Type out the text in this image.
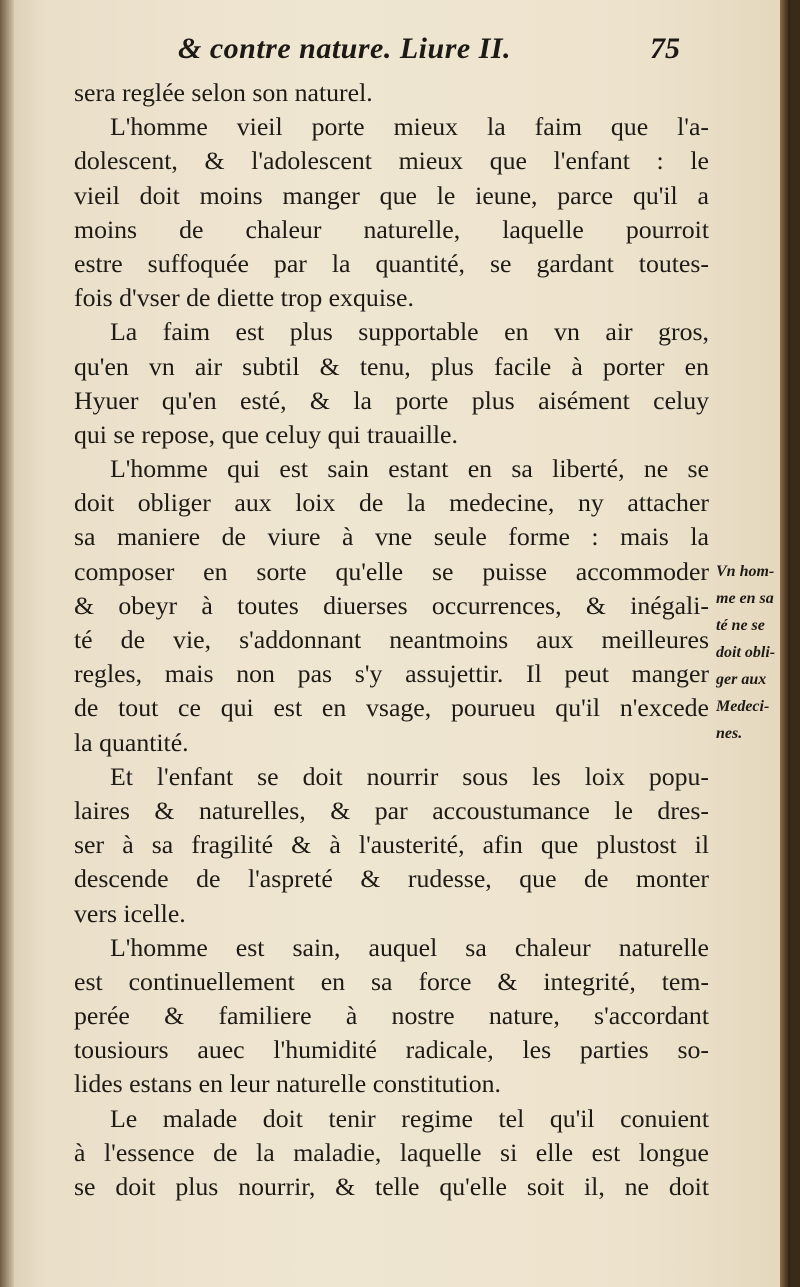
& contre nature. Liure II.	75
sera reglée selon son naturel.
L'homme vieil porte mieux la faim que l'a-
dolescent, & l'adolescent mieux que l'enfant : le
vieil doit moins manger que le ieune, parce qu'il a
moins de chaleur naturelle, laquelle pourroit
estre suffoquée par la quantité, se gardant toutes-
fois d'vser de diette trop exquise.
La faim est plus supportable en vn air gros,
qu'en vn air subtil & tenu, plus facile à porter en
Hyuer qu'en esté, & la porte plus aisément celuy
qui se repose, que celuy qui trauaille.
L'homme qui est sain estant en sa liberté, ne se
doit obliger aux loix de la medecine, ny attacher
sa maniere de viure à vne seule forme : mais la
composer en sorte qu'elle se puisse accommoder
& obeyr à toutes diuerses occurrences, & inégali-
té de vie, s'addonnant neantmoins aux meilleures
regles, mais non pas s'y assujettir. Il peut manger
de tout ce qui est en vsage, pourueu qu'il n'excede
la quantité.
Et l'enfant se doit nourrir sous les loix popu-
laires & naturelles, & par accoustumance le dres-
ser à sa fragilité & à l'austerité, afin que plustost il
descende de l'aspreté & rudesse, que de monter
vers icelle.
L'homme est sain, auquel sa chaleur naturelle
est continuellement en sa force & integrité, tem-
perée & familiere à nostre nature, s'accordant
tousiours auec l'humidité radicale, les parties so-
lides estans en leur naturelle constitution.
Le malade doit tenir regime tel qu'il conuient
à l'essence de la maladie, laquelle si elle est longue
se doit plus nourrir, & telle qu'elle soit il, ne doit
Vn hom-
me en sa
té ne se
doit obli-
ger aux
Medeci-
nes.
